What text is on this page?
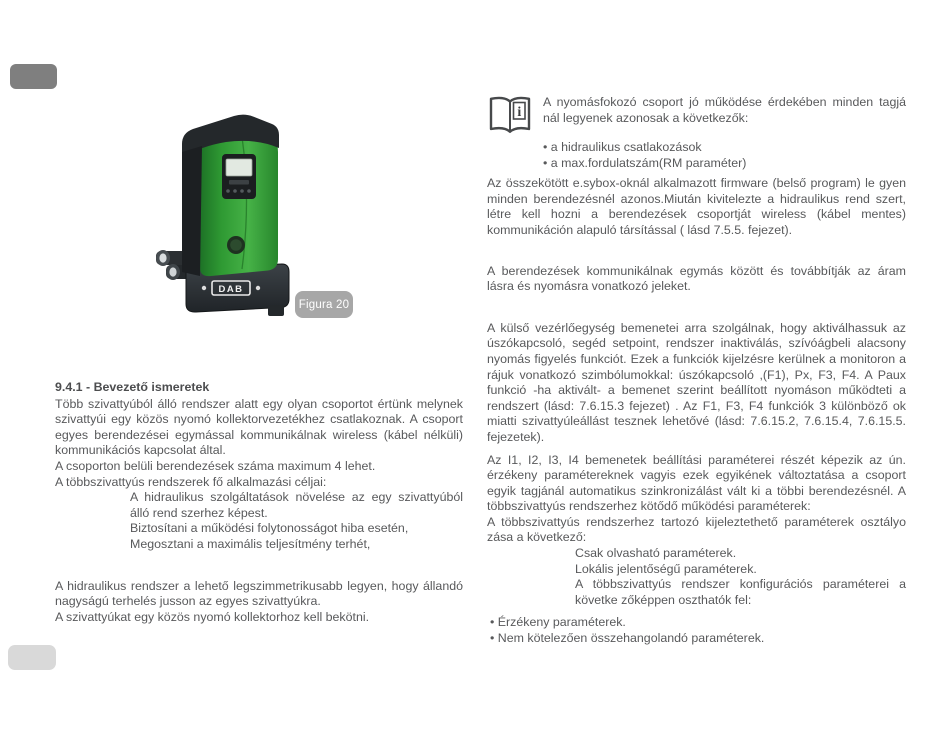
DAB
Figura 20

9.4.1 - Bevezető ismeretek

Több szivattyúból álló rendszer alatt egy olyan csoportot értünk melynek szivattyúi egy közös nyomó kollektorvezetékhez csatlakoznak. A csoport egyes berendezései egymással kommunikálnak wireless (kábel nélküli) kommunikációs kapcsolat által.

A csoporton belüli berendezések száma maximum 4 lehet.

A többszivattyús rendszerek fő alkalmazási céljai:

A hidraulikus szolgáltatások növelése az egy szivattyúból álló rend szerhez képest.

Biztosítani a működési folytonosságot hiba esetén,

Megosztani a maximális teljesítmény terhét,

A hidraulikus rendszer a lehető legszimmetrikusabb legyen, hogy állandó nagyságú terhelés jusson az egyes szivattyúkra.

A szivattyúkat egy közös nyomó kollektorhoz kell bekötni.

i

A nyomásfokozó csoport jó működése érdekében minden tagjá nál legyenek azonosak a következők:

• a hidraulikus csatlakozások

• a max.fordulatszám(RM paraméter)

Az összekötött e.sybox-oknál alkalmazott firmware (belső program) le gyen minden berendezésnél azonos.Miután kivitelezte a hidraulikus rend szert, létre kell hozni a berendezések csoportját wireless (kábel mentes) kommunikáción alapuló társítással ( lásd 7.5.5. fejezet).

A berendezések kommunikálnak egymás között és továbbítják az áram lásra és nyomásra vonatkozó jeleket.

A külső vezérlőegység bemenetei arra szolgálnak, hogy aktiválhassuk az úszókapcsoló, segéd setpoint, rendszer inaktiválás, szívóágbeli alacsony nyomás figyelés funkciót. Ezek a funkciók kijelzésre kerülnek a monitoron a rájuk vonatkozó szimbólumokkal: úszókapcsoló ,(F1), Px, F3, F4. A Paux funkció -ha aktivált- a bemenet szerint beállított nyomáson működteti a rendszert (lásd: 7.6.15.3 fejezet) . Az F1, F3, F4 funkciók 3 különböző ok miatti szivattyúleállást tesznek lehetővé (lásd: 7.6.15.2, 7.6.15.4, 7.6.15.5. fejezetek).

Az I1, I2, I3, I4 bemenetek beállítási paraméterei részét képezik az ún. érzékeny paramétereknek vagyis ezek egyikének változtatása a csoport egyik tagjánál automatikus szinkronizálást vált ki a többi berendezésnél. A többszivattyús rendszerhez kötődő működési paraméterek:

A többszivattyús rendszerhez tartozó kijeleztethető paraméterek osztályo zása a következő:

Csak olvasható paraméterek.

Lokális jelentőségű paraméterek.

A többszivattyús rendszer konfigurációs paraméterei a követke zőképpen oszthatók fel:

• Érzékeny paraméterek.

• Nem kötelezően összehangolandó paraméterek.
